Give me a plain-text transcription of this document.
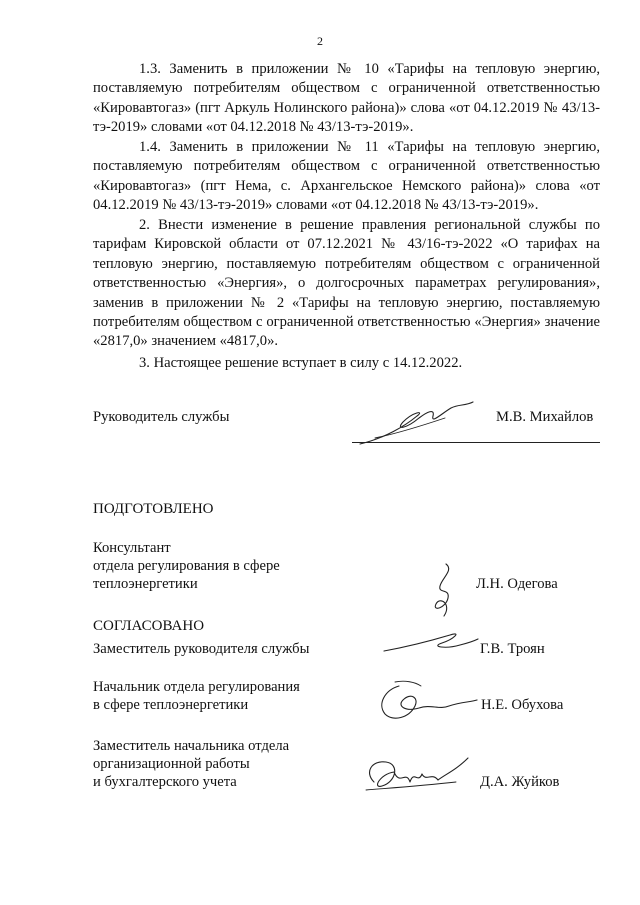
2
1.3. Заменить в приложении № 10 «Тарифы на тепловую энергию, поставляемую потребителям обществом с ограниченной ответственностью «Кировавтогаз» (пгт Аркуль Нолинского района)» слова «от 04.12.2019 № 43/13-тэ-2019» словами «от 04.12.2018 № 43/13-тэ-2019».
1.4. Заменить в приложении № 11 «Тарифы на тепловую энергию, поставляемую потребителям обществом с ограниченной ответственностью «Кировавтогаз» (пгт Нема, с. Архангельское Немского района)» слова «от 04.12.2019 № 43/13-тэ-2019» словами «от 04.12.2018 № 43/13-тэ-2019».
2. Внести изменение в решение правления региональной службы по тарифам Кировской области от 07.12.2021 № 43/16-тэ-2022 «О тарифах на тепловую энергию, поставляемую потребителям обществом с ограниченной ответственностью «Энергия», о долгосрочных параметрах регулирования», заменив в приложении № 2 «Тарифы на тепловую энергию, поставляемую потребителям обществом с ограниченной ответственностью «Энергия» значение «2817,0» значением «4817,0».
3. Настоящее решение вступает в силу с 14.12.2022.
Руководитель службы	М.В. Михайлов
ПОДГОТОВЛЕНО
Консультант
отдела регулирования в сфере
теплоэнергетики	Л.Н. Одегова
СОГЛАСОВАНО
Заместитель руководителя службы	Г.В. Троян
Начальник отдела регулирования
в сфере теплоэнергетики	Н.Е. Обухова
Заместитель начальника отдела
организационной работы
и бухгалтерского учета	Д.А. Жуйков
